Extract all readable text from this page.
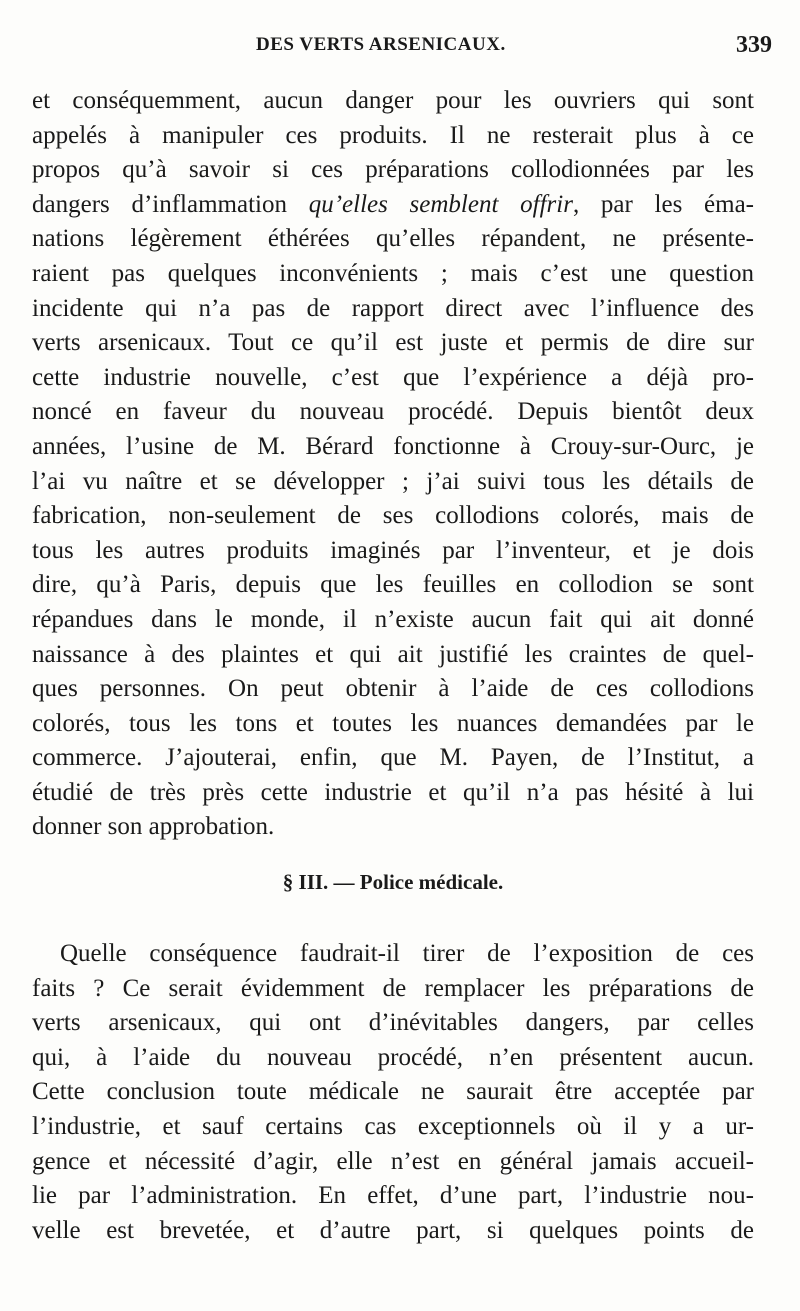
DES VERTS ARSENICAUX.	339
et conséquemment, aucun danger pour les ouvriers qui sont
appelés à manipuler ces produits. Il ne resterait plus à ce
propos qu’à savoir si ces préparations collodionnées par les
dangers d’inflammation qu’elles semblent offrir, par les éma-
nations légèrement éthérées qu’elles répandent, ne présente-
raient pas quelques inconvénients ; mais c’est une question
incidente qui n’a pas de rapport direct avec l’influence des
verts arsenicaux. Tout ce qu’il est juste et permis de dire sur
cette industrie nouvelle, c’est que l’expérience a déjà pro-
noncé en faveur du nouveau procédé. Depuis bientôt deux
années, l’usine de M. Bérard fonctionne à Crouy-sur-Ourc, je
l’ai vu naître et se développer ; j’ai suivi tous les détails de
fabrication, non-seulement de ses collodions colorés, mais de
tous les autres produits imaginés par l’inventeur, et je dois
dire, qu’à Paris, depuis que les feuilles en collodion se sont
répandues dans le monde, il n’existe aucun fait qui ait donné
naissance à des plaintes et qui ait justifié les craintes de quel-
ques personnes. On peut obtenir à l’aide de ces collodions
colorés, tous les tons et toutes les nuances demandées par le
commerce. J’ajouterai, enfin, que M. Payen, de l’Institut, a
étudié de très près cette industrie et qu’il n’a pas hésité à lui
donner son approbation.
§ III. — Police médicale.
Quelle conséquence faudrait-il tirer de l’exposition de ces
faits ? Ce serait évidemment de remplacer les préparations de
verts arsenicaux, qui ont d’inévitables dangers, par celles
qui, à l’aide du nouveau procédé, n’en présentent aucun.
Cette conclusion toute médicale ne saurait être acceptée par
l’industrie, et sauf certains cas exceptionnels où il y a ur-
gence et nécessité d’agir, elle n’est en général jamais accueil-
lie par l’administration. En effet, d’une part, l’industrie nou-
velle est brevetée, et d’autre part, si quelques points de
